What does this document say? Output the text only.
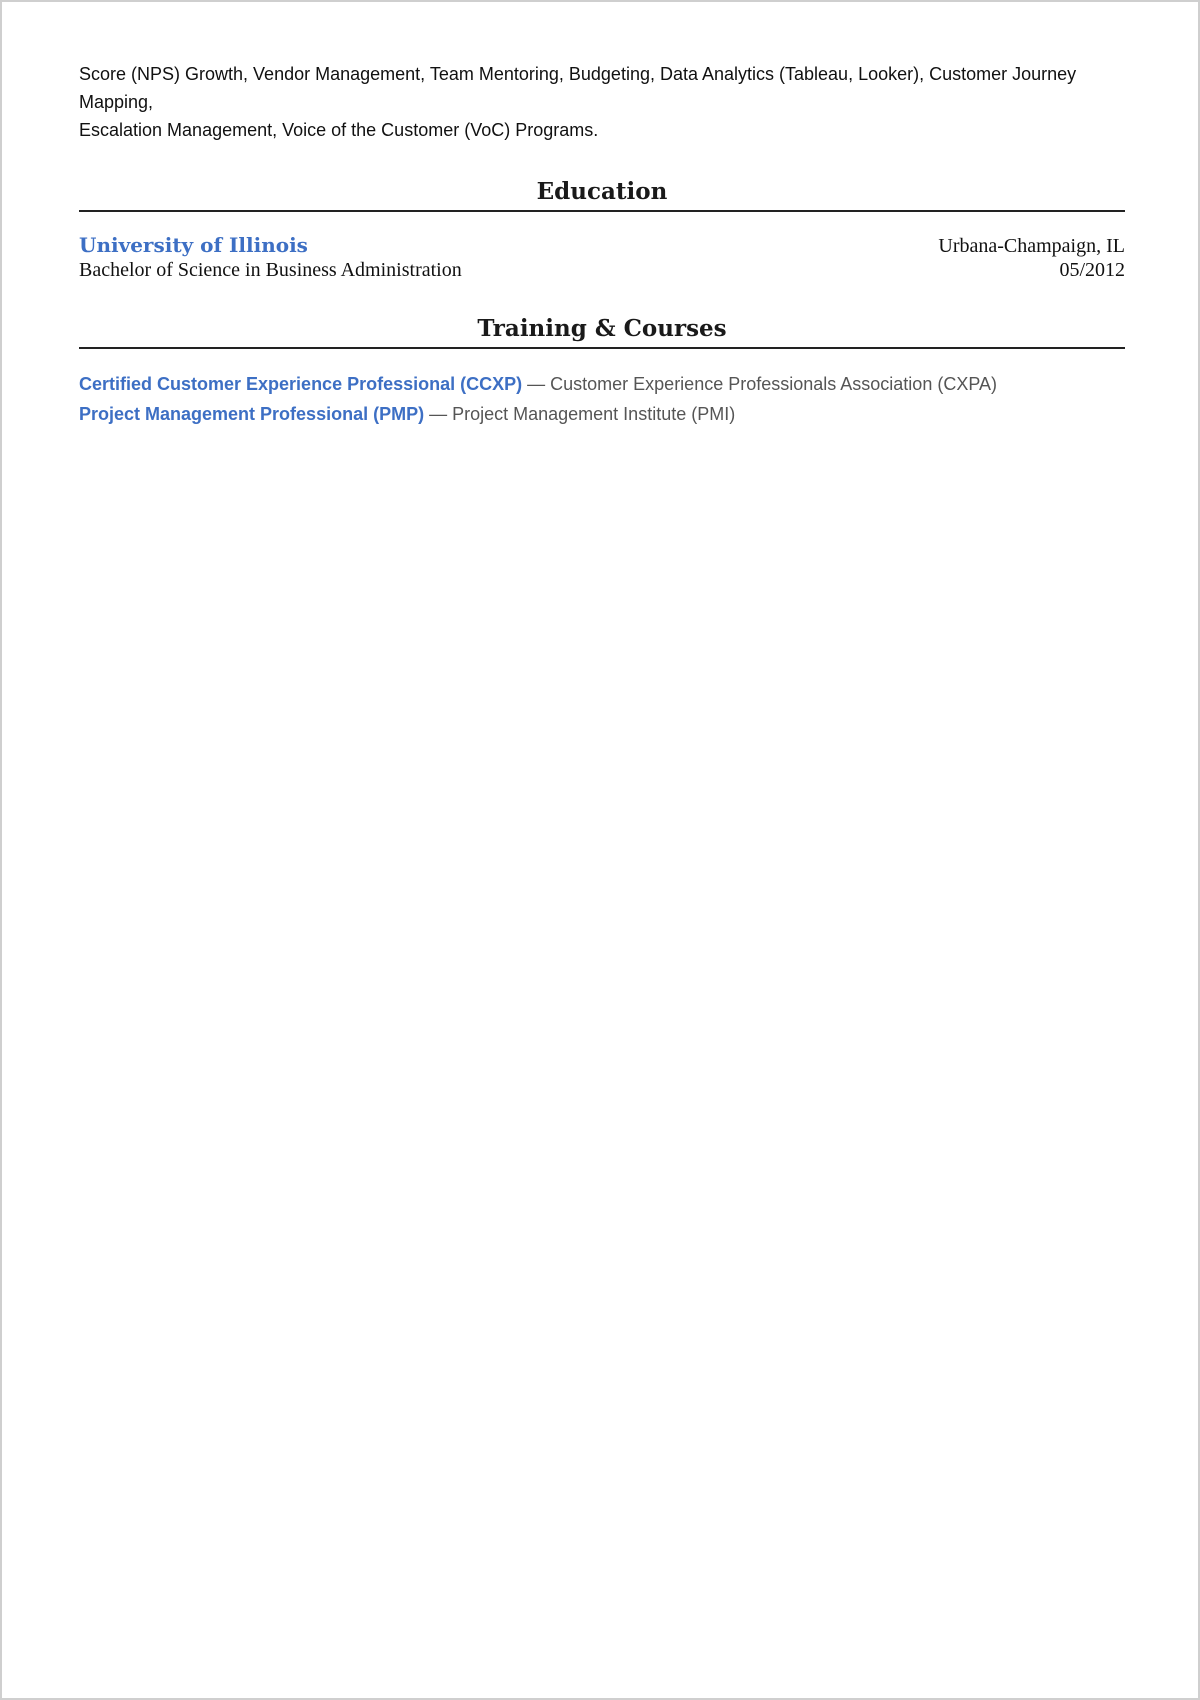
Score (NPS) Growth, Vendor Management, Team Mentoring, Budgeting, Data Analytics (Tableau, Looker), Customer Journey Mapping,
Escalation Management, Voice of the Customer (VoC) Programs.

Education
University of Illinois	Urbana-Champaign, IL
Bachelor of Science in Business Administration	05/2012
Training & Courses
Certified Customer Experience Professional (CCXP) — Customer Experience Professionals Association (CXPA)
Project Management Professional (PMP) — Project Management Institute (PMI)
